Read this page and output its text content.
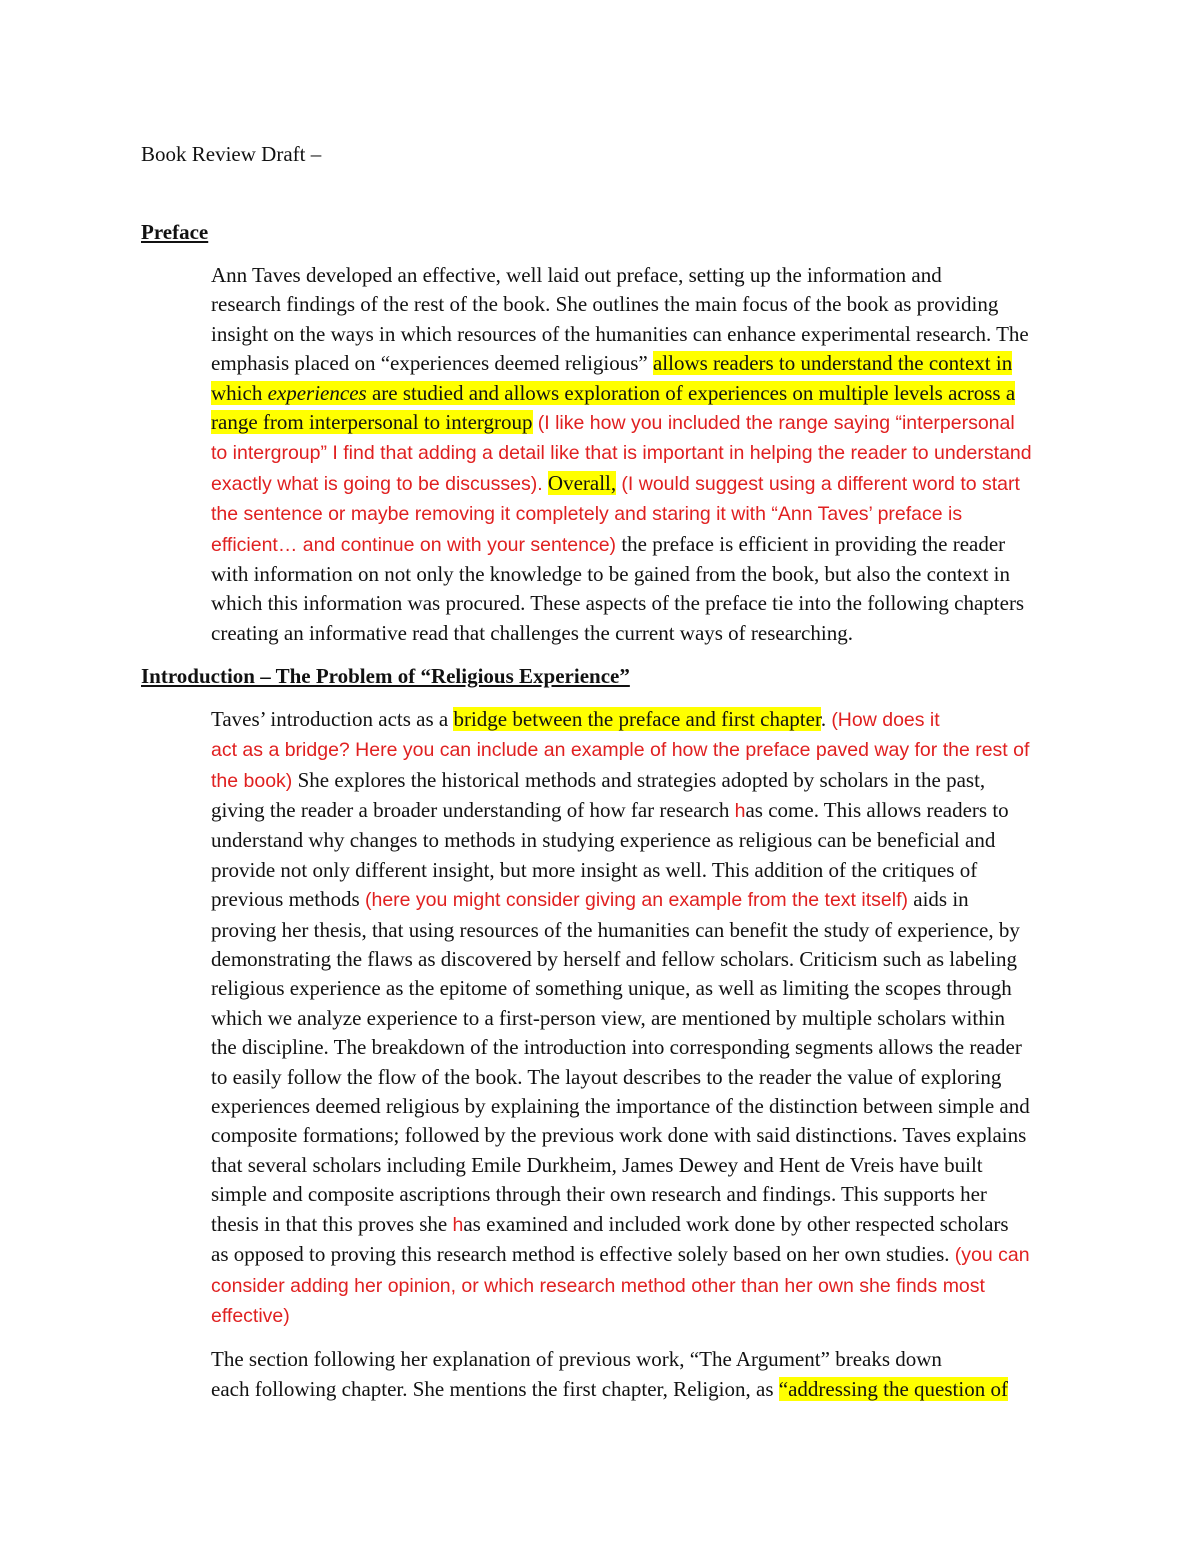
Book Review Draft –

Preface

Ann Taves developed an effective, well laid out preface, setting up the information and
research findings of the rest of the book. She outlines the main focus of the book as providing
insight on the ways in which resources of the humanities can enhance experimental research. The
emphasis placed on “experiences deemed religious” allows readers to understand the context in
which experiences are studied and allows exploration of experiences on multiple levels across a
range from interpersonal to intergroup (I like how you included the range saying “interpersonal
to intergroup” I find that adding a detail like that is important in helping the reader to understand
exactly what is going to be discusses). Overall, (I would suggest using a different word to start
the sentence or maybe removing it completely and staring it with “Ann Taves’ preface is
efficient… and continue on with your sentence) the preface is efficient in providing the reader
with information on not only the knowledge to be gained from the book, but also the context in
which this information was procured. These aspects of the preface tie into the following chapters
creating an informative read that challenges the current ways of researching.

Introduction – The Problem of “Religious Experience”

Taves’ introduction acts as a bridge between the preface and first chapter. (How does it
act as a bridge? Here you can include an example of how the preface paved way for the rest of
the book) She explores the historical methods and strategies adopted by scholars in the past,
giving the reader a broader understanding of how far research has come. This allows readers to
understand why changes to methods in studying experience as religious can be beneficial and
provide not only different insight, but more insight as well. This addition of the critiques of
previous methods (here you might consider giving an example from the text itself) aids in
proving her thesis, that using resources of the humanities can benefit the study of experience, by
demonstrating the flaws as discovered by herself and fellow scholars. Criticism such as labeling
religious experience as the epitome of something unique, as well as limiting the scopes through
which we analyze experience to a first-person view, are mentioned by multiple scholars within
the discipline. The breakdown of the introduction into corresponding segments allows the reader
to easily follow the flow of the book. The layout describes to the reader the value of exploring
experiences deemed religious by explaining the importance of the distinction between simple and
composite formations; followed by the previous work done with said distinctions. Taves explains
that several scholars including Emile Durkheim, James Dewey and Hent de Vreis have built
simple and composite ascriptions through their own research and findings. This supports her
thesis in that this proves she has examined and included work done by other respected scholars
as opposed to proving this research method is effective solely based on her own studies. (you can
consider adding her opinion, or which research method other than her own she finds most
effective)

The section following her explanation of previous work, “The Argument” breaks down
each following chapter. She mentions the first chapter, Religion, as “addressing the question of
